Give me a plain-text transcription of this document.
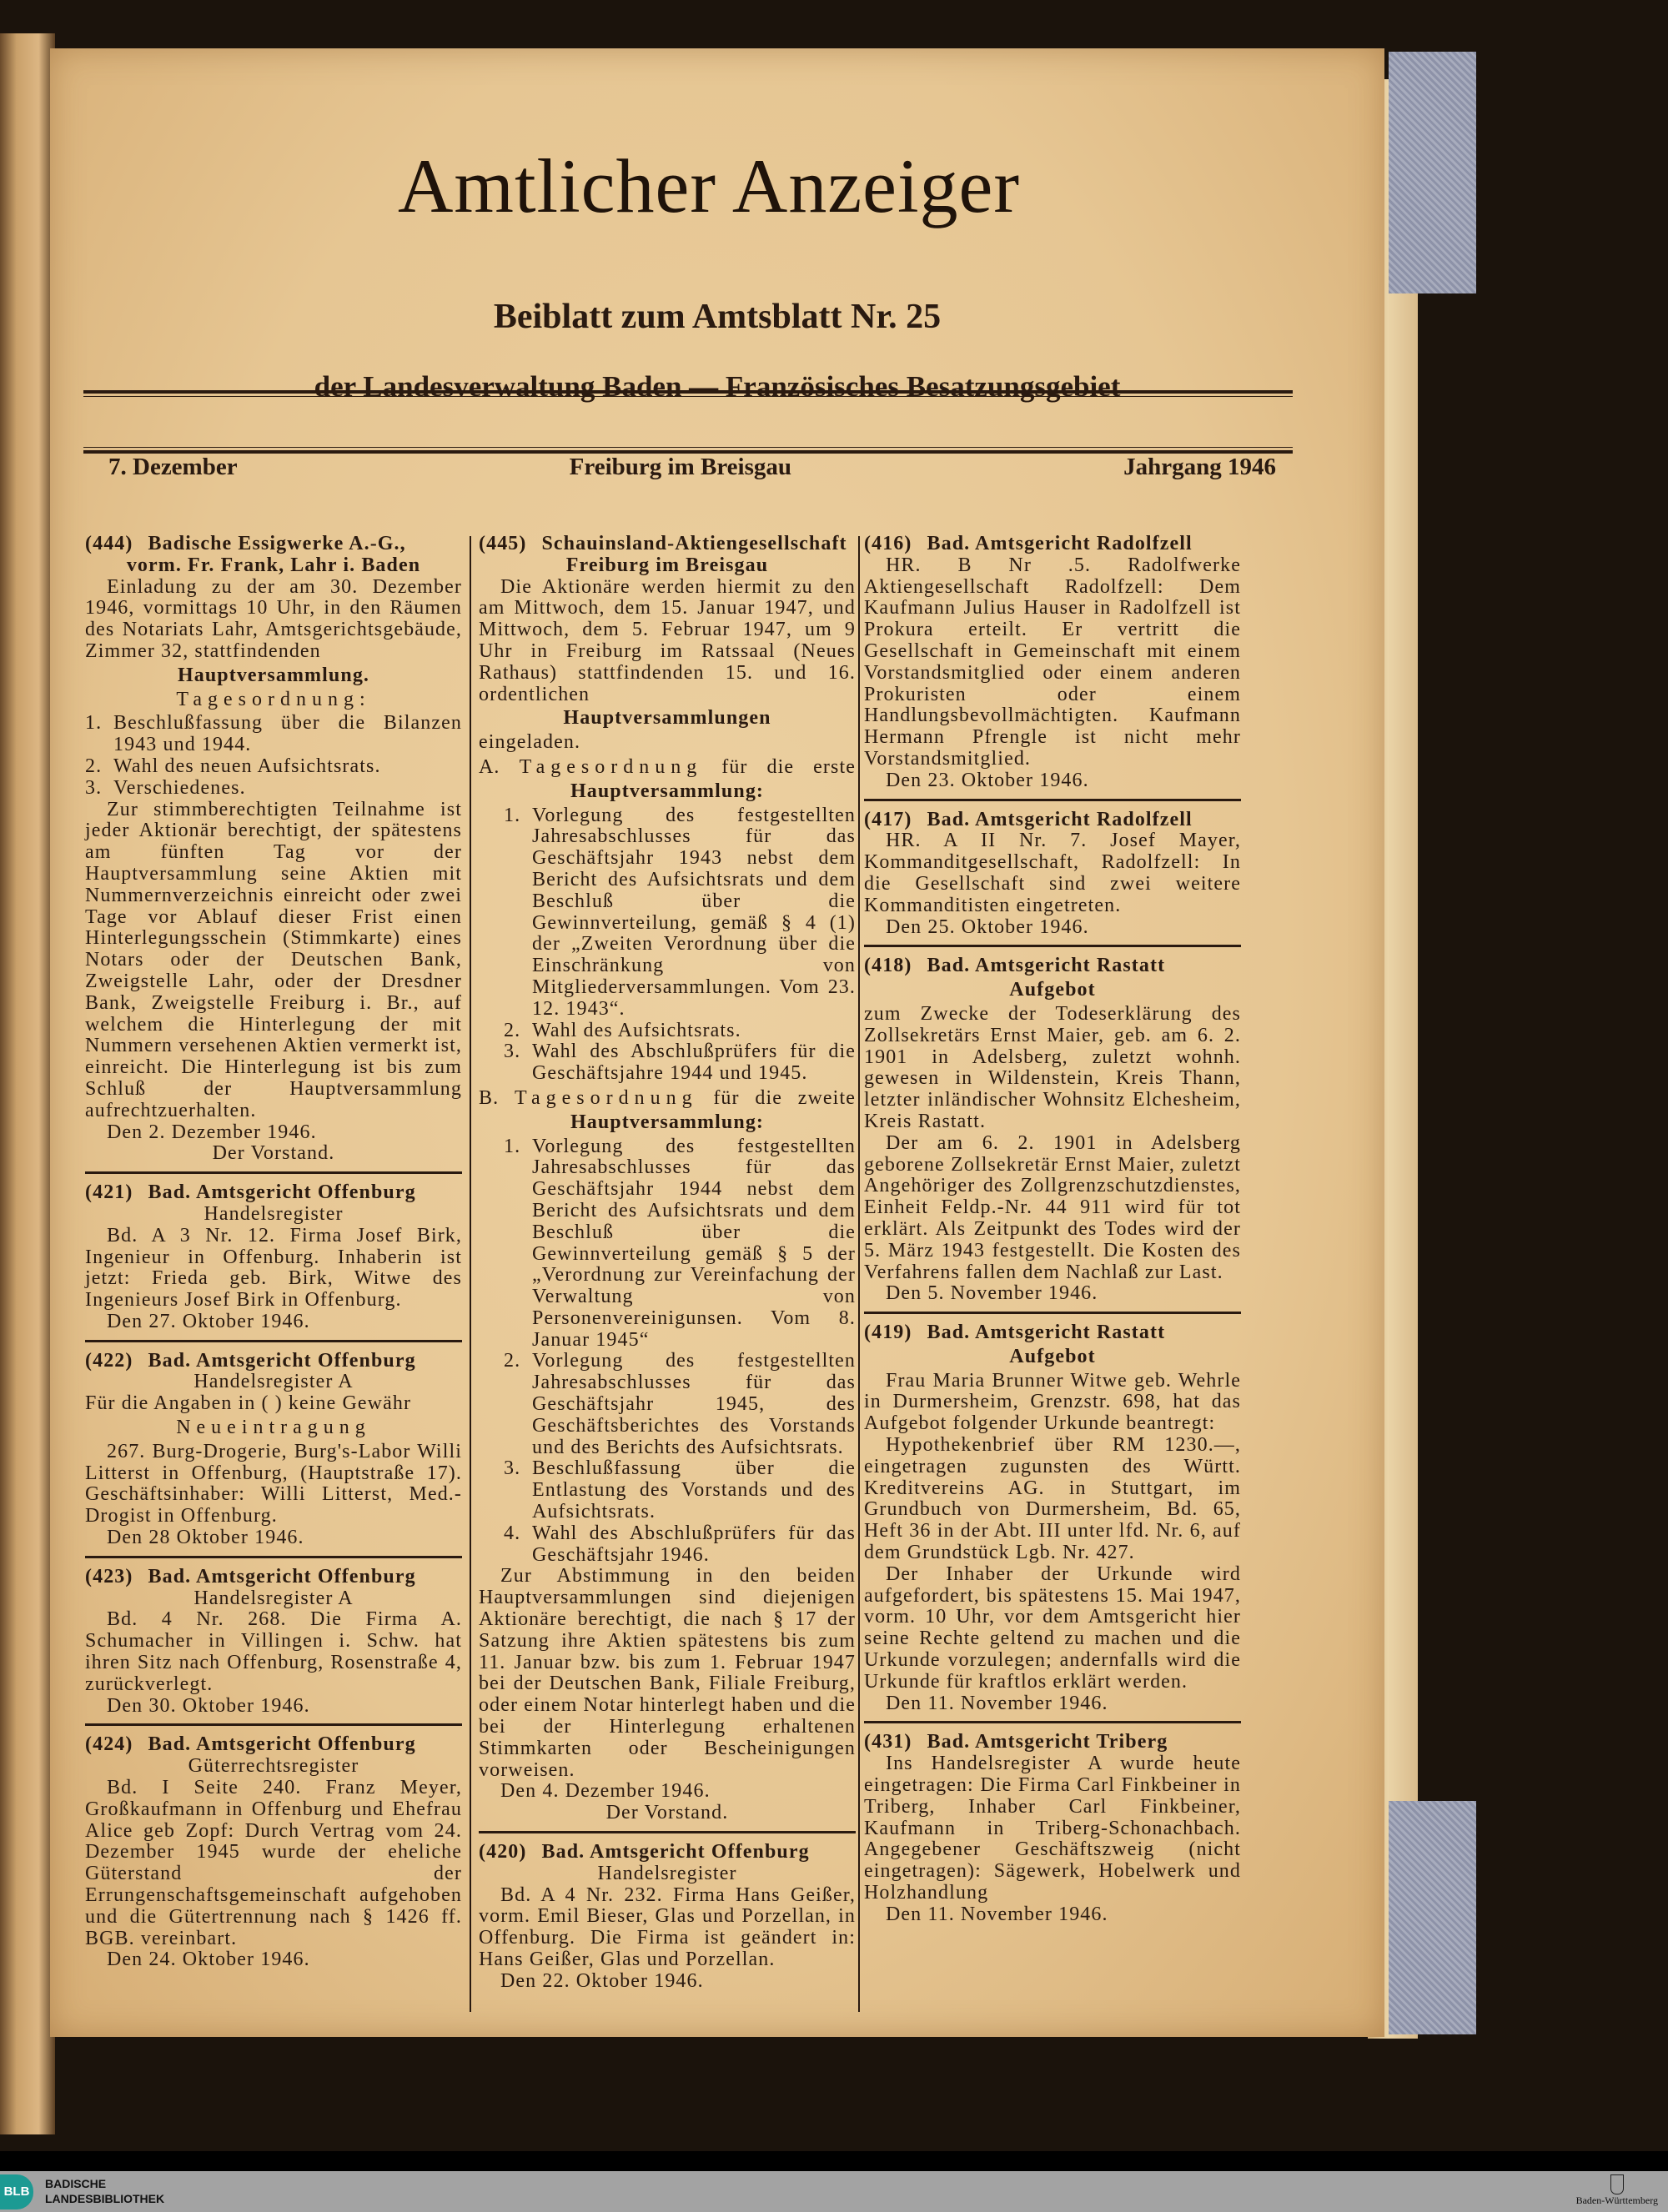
Amtlicher Anzeiger
Beiblatt zum Amtsblatt Nr. 25
der Landesverwaltung Baden — Französisches Besatzungsgebiet
7. Dezember	Freiburg im Breisgau	Jahrgang 1946
(444) Badische Essigwerke A.-G.,
vorm. Fr. Frank, Lahr i. Baden
Einladung zu der am 30. Dezember 1946, vormittags 10 Uhr, in den Räumen des Notariats Lahr, Amtsgerichtsgebäude, Zimmer 32, stattfindenden
Hauptversammlung.
Tagesordnung:
1. Beschlußfassung über die Bilanzen 1943 und 1944.
2. Wahl des neuen Aufsichtsrats.
3. Verschiedenes.
Zur stimmberechtigten Teilnahme ist jeder Aktionär berechtigt, der spätestens am fünften Tag vor der Hauptversammlung seine Aktien mit Nummernverzeichnis einreicht oder zwei Tage vor Ablauf dieser Frist einen Hinterlegungsschein (Stimmkarte) eines Notars oder der Deutschen Bank, Zweigstelle Lahr, oder der Dresdner Bank, Zweigstelle Freiburg i. Br., auf welchem die Hinterlegung der mit Nummern versehenen Aktien vermerkt ist, einreicht. Die Hinterlegung ist bis zum Schluß der Hauptversammlung aufrechtzuerhalten.
Den 2. Dezember 1946.
Der Vorstand.
(421) Bad. Amtsgericht Offenburg
Handelsregister
Bd. A 3 Nr. 12. Firma Josef Birk, Ingenieur in Offenburg. Inhaberin ist jetzt: Frieda geb. Birk, Witwe des Ingenieurs Josef Birk in Offenburg.
Den 27. Oktober 1946.
(422) Bad. Amtsgericht Offenburg
Handelsregister A
Für die Angaben in ( ) keine Gewähr
Neueintragung
267. Burg-Drogerie, Burg's-Labor Willi Litterst in Offenburg, (Hauptstraße 17). Geschäftsinhaber: Willi Litterst, Med.-Drogist in Offenburg.
Den 28 Oktober 1946.
(423) Bad. Amtsgericht Offenburg
Handelsregister A
Bd. 4 Nr. 268. Die Firma A. Schumacher in Villingen i. Schw. hat ihren Sitz nach Offenburg, Rosenstraße 4, zurückverlegt.
Den 30. Oktober 1946.
(424) Bad. Amtsgericht Offenburg
Güterrechtsregister
Bd. I Seite 240. Franz Meyer, Großkaufmann in Offenburg und Ehefrau Alice geb Zopf: Durch Vertrag vom 24. Dezember 1945 wurde der eheliche Güterstand der Errungenschaftsgemeinschaft aufgehoben und die Gütertrennung nach § 1426 ff. BGB. vereinbart.
Den 24. Oktober 1946.
(445) Schauinsland-Aktiengesellschaft
Freiburg im Breisgau
Die Aktionäre werden hiermit zu den am Mittwoch, dem 15. Januar 1947, und Mittwoch, dem 5. Februar 1947, um 9 Uhr in Freiburg im Ratssaal (Neues Rathaus) stattfindenden 15. und 16. ordentlichen
Hauptversammlungen
eingeladen.
A. Tagesordnung für die erste
Hauptversammlung:
1. Vorlegung des festgestellten Jahresabschlusses für das Geschäftsjahr 1943 nebst dem Bericht des Aufsichtsrats und dem Beschluß über die Gewinnverteilung, gemäß § 4 (1) der „Zweiten Verordnung über die Einschränkung von Mitgliederversammlungen. Vom 23. 12. 1943“.
2. Wahl des Aufsichtsrats.
3. Wahl des Abschlußprüfers für die Geschäftsjahre 1944 und 1945.
B. Tagesordnung für die zweite
Hauptversammlung:
1. Vorlegung des festgestellten Jahresabschlusses für das Geschäftsjahr 1944 nebst dem Bericht des Aufsichtsrats und dem Beschluß über die Gewinnverteilung gemäß § 5 der „Verordnung zur Vereinfachung der Verwaltung von Personenvereinigunsen. Vom 8. Januar 1945“
2. Vorlegung des festgestellten Jahresabschlusses für das Geschäftsjahr 1945, des Geschäftsberichtes des Vorstands und des Berichts des Aufsichtsrats.
3. Beschlußfassung über die Entlastung des Vorstands und des Aufsichtsrats.
4. Wahl des Abschlußprüfers für das Geschäftsjahr 1946.
Zur Abstimmung in den beiden Hauptversammlungen sind diejenigen Aktionäre berechtigt, die nach § 17 der Satzung ihre Aktien spätestens bis zum 11. Januar bzw. bis zum 1. Februar 1947 bei der Deutschen Bank, Filiale Freiburg, oder einem Notar hinterlegt haben und die bei der Hinterlegung erhaltenen Stimmkarten oder Bescheinigungen vorweisen.
Den 4. Dezember 1946.
Der Vorstand.
(420) Bad. Amtsgericht Offenburg
Handelsregister
Bd. A 4 Nr. 232. Firma Hans Geißer, vorm. Emil Bieser, Glas und Porzellan, in Offenburg. Die Firma ist geändert in: Hans Geißer, Glas und Porzellan.
Den 22. Oktober 1946.
(416) Bad. Amtsgericht Radolfzell
HR. B Nr .5. Radolfwerke Aktiengesellschaft Radolfzell: Dem Kaufmann Julius Hauser in Radolfzell ist Prokura erteilt. Er vertritt die Gesellschaft in Gemeinschaft mit einem Vorstandsmitglied oder einem anderen Prokuristen oder einem Handlungsbevollmächtigten. Kaufmann Hermann Pfrengle ist nicht mehr Vorstandsmitglied.
Den 23. Oktober 1946.
(417) Bad. Amtsgericht Radolfzell
HR. A II Nr. 7. Josef Mayer, Kommanditgesellschaft, Radolfzell: In die Gesellschaft sind zwei weitere Kommanditisten eingetreten.
Den 25. Oktober 1946.
(418) Bad. Amtsgericht Rastatt
Aufgebot
zum Zwecke der Todeserklärung des Zollsekretärs Ernst Maier, geb. am 6. 2. 1901 in Adelsberg, zuletzt wohnh. gewesen in Wildenstein, Kreis Thann, letzter inländischer Wohnsitz Elchesheim, Kreis Rastatt.
Der am 6. 2. 1901 in Adelsberg geborene Zollsekretär Ernst Maier, zuletzt Angehöriger des Zollgrenzschutzdienstes, Einheit Feldp.-Nr. 44 911 wird für tot erklärt. Als Zeitpunkt des Todes wird der 5. März 1943 festgestellt. Die Kosten des Verfahrens fallen dem Nachlaß zur Last.
Den 5. November 1946.
(419) Bad. Amtsgericht Rastatt
Aufgebot
Frau Maria Brunner Witwe geb. Wehrle in Durmersheim, Grenzstr. 698, hat das Aufgebot folgender Urkunde beantregt:
Hypothekenbrief über RM 1230.—, eingetragen zugunsten des Württ. Kreditvereins AG. in Stuttgart, im Grundbuch von Durmersheim, Bd. 65, Heft 36 in der Abt. III unter lfd. Nr. 6, auf dem Grundstück Lgb. Nr. 427.
Der Inhaber der Urkunde wird aufgefordert, bis spätestens 15. Mai 1947, vorm. 10 Uhr, vor dem Amtsgericht hier seine Rechte geltend zu machen und die Urkunde vorzulegen; andernfalls wird die Urkunde für kraftlos erklärt werden.
Den 11. November 1946.
(431) Bad. Amtsgericht Triberg
Ins Handelsregister A wurde heute eingetragen: Die Firma Carl Finkbeiner in Triberg, Inhaber Carl Finkbeiner, Kaufmann in Triberg-Schonachbach. Angegebener Geschäftszweig (nicht eingetragen): Sägewerk, Hobelwerk und Holzhandlung
Den 11. November 1946.
BLB
BADISCHE
LANDESBIBLIOTHEK	Baden-Württemberg
